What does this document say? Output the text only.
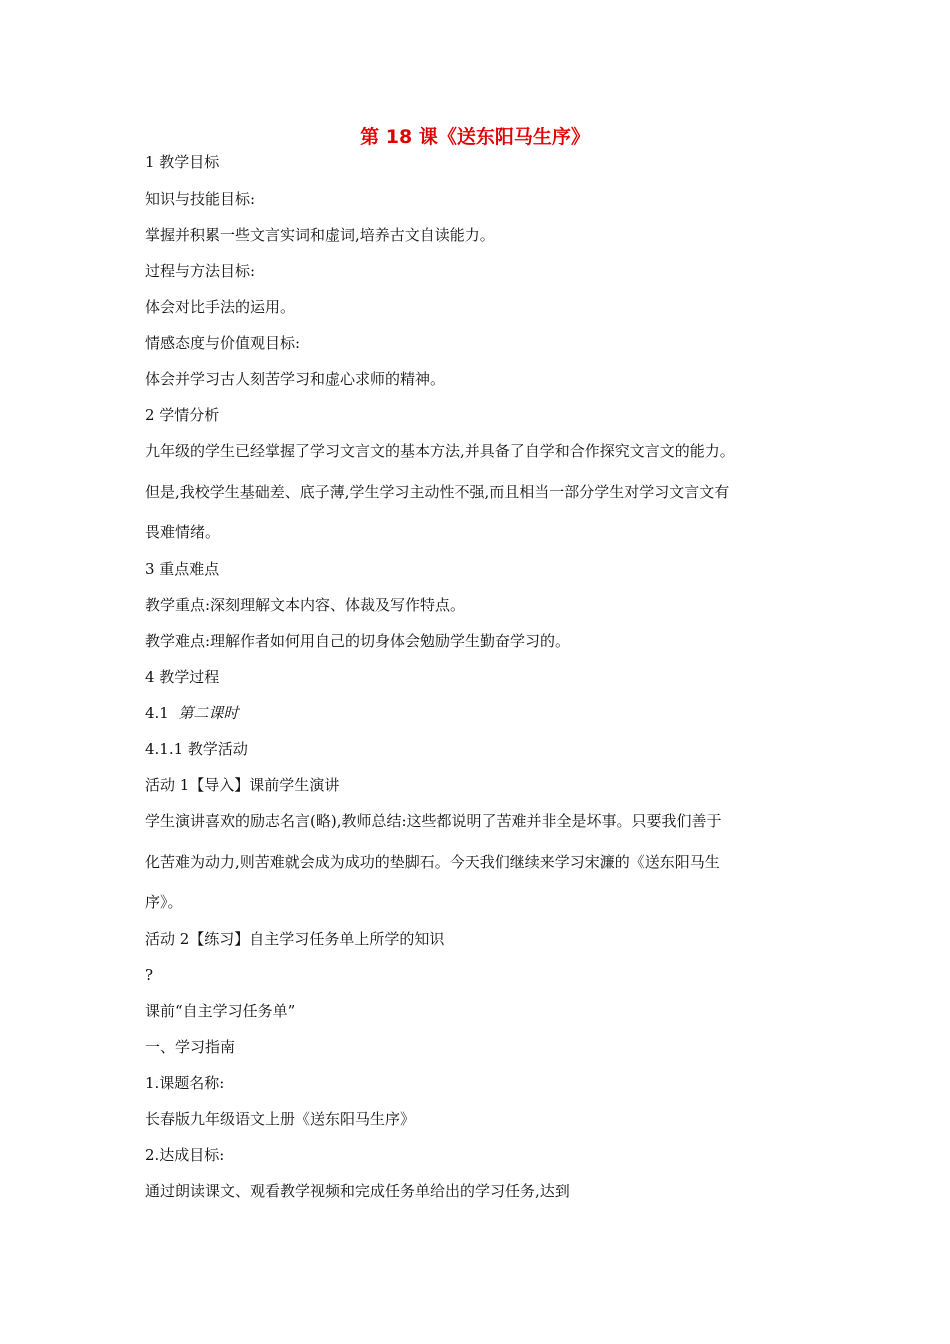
第 18 课《送东阳马生序》
1 教学目标
知识与技能目标:
掌握并积累一些文言实词和虚词,培养古文自读能力。
过程与方法目标:
体会对比手法的运用。
情感态度与价值观目标:
体会并学习古人刻苦学习和虚心求师的精神。
2 学情分析
九年级的学生已经掌握了学习文言文的基本方法,并具备了自学和合作探究文言文的能力。
但是,我校学生基础差、底子薄,学生学习主动性不强,而且相当一部分学生对学习文言文有
畏难情绪。
3 重点难点
教学重点:深刻理解文本内容、体裁及写作特点。
教学难点:理解作者如何用自己的切身体会勉励学生勤奋学习的。
4 教学过程
4.1 第二课时
4.1.1 教学活动
活动 1【导入】课前学生演讲
学生演讲喜欢的励志名言(略),教师总结:这些都说明了苦难并非全是坏事。只要我们善于
化苦难为动力,则苦难就会成为成功的垫脚石。今天我们继续来学习宋濂的《送东阳马生
序》。
活动 2【练习】自主学习任务单上所学的知识
?
课前“自主学习任务单”
一、学习指南
1.课题名称:
长春版九年级语文上册《送东阳马生序》
2.达成目标:
通过朗读课文、观看教学视频和完成任务单给出的学习任务,达到
